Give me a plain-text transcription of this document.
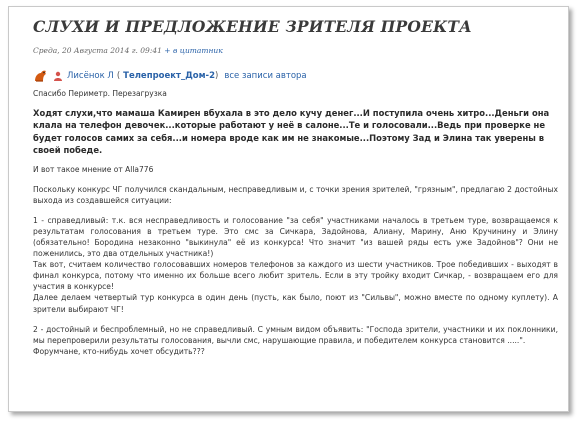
СЛУХИ И ПРЕДЛОЖЕНИЕ ЗРИТЕЛЯ ПРОЕКТА
Среда, 20 Августа 2014 г. 09:41 + в цитатник
Лисёнок Л ( Телепроект_Дом-2 ) все записи автора
Спасибо Периметр. Перезагрузка
Ходят слухи,что мамаша Камирен вбухала в это дело кучу денег...И поступила очень хитро...Деньги она клала на телефон девочек...которые работают у неё в салоне...Те и голосовали...Ведь при проверке не будет голосов самих за себя...и номера вроде как им не знакомые...Поэтому Зад и Элина так уверены в своей победе.
И вот такое мнение от Alla776

Поскольку конкурс ЧГ получился скандальным, несправедливым и, с точки зрения зрителей, "грязным", предлагаю 2 достойных выхода из создавшейся ситуации:

1 - справедливый: т.к. вся несправедливость и голосование "за себя" участниками началось в третьем туре, возвращаемся к результатам голосования в третьем туре. Это смс за Сичкара, Задойнова, Алиану, Марину, Аню Кручинину и Элину (обязательно! Бородина незаконно "выкинула" её из конкурса! Что значит "из вашей ряды есть уже Задойнов"? Они не поженились, это два отдельных участника!)

Так вот, считаем количество голосовавших номеров телефонов за каждого из шести участников. Трое победивших - выходят в финал конкурса, потому что именно их больше всего любит зритель. Если в эту тройку входит Сичкар, - возвращаем его для участия в конкурсе!

Далее делаем четвертый тур конкурса в один день (пусть, как было, поют из "Сильвы", можно вместе по одному куплету). А зрители выбирают ЧГ!

2 - достойный и беспроблемный, но не справедливый. С умным видом объявить: "Господа зрители, участники и их поклонники, мы перепроверили результаты голосования, вычли смс, нарушающие правила, и победителем конкурса становится .....".

Форумчане, кто-нибудь хочет обсудить???
